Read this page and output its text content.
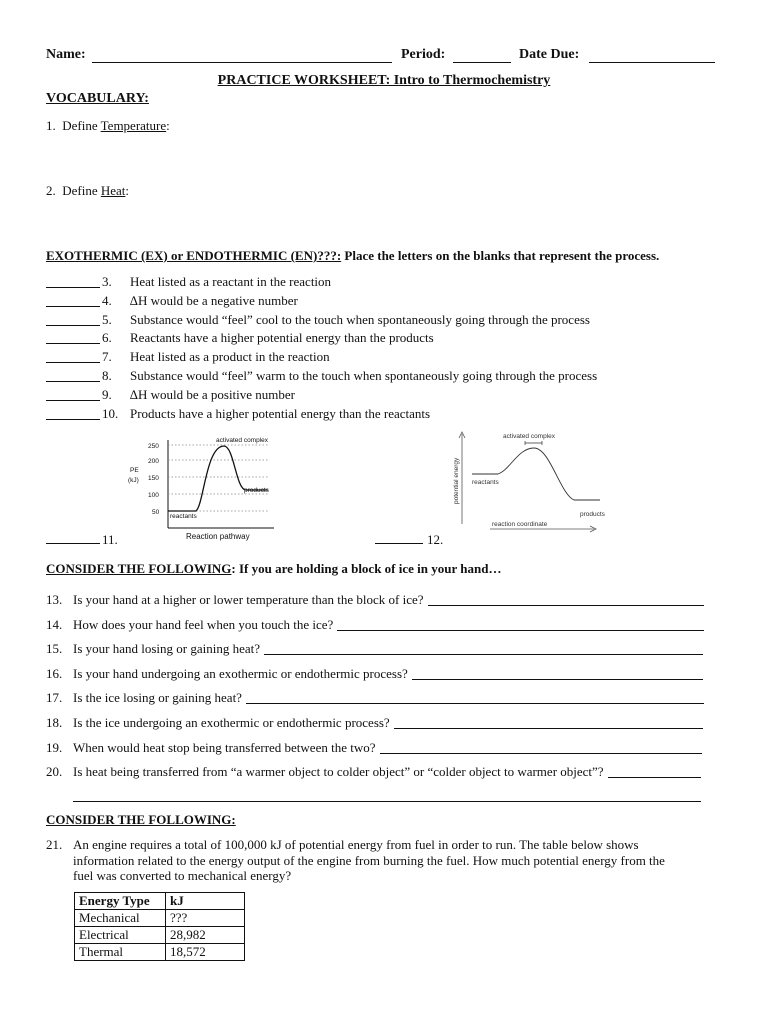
Name:	Period:	Date Due:
PRACTICE WORKSHEET: Intro to Thermochemistry
VOCABULARY:
1. Define Temperature:
2. Define Heat:
EXOTHERMIC (EX) or ENDOTHERMIC (EN)???: Place the letters on the blanks that represent the process.
3. Heat listed as a reactant in the reaction
4. ∆H would be a negative number
5. Substance would “feel” cool to the touch when spontaneously going through the process
6. Reactants have a higher potential energy than the products
7. Heat listed as a product in the reaction
8. Substance would “feel” warm to the touch when spontaneously going through the process
9. ∆H would be a positive number
10. Products have a higher potential energy than the reactants
250
200
150
100
50
PE
(kJ)
activated complex
products
reactants
Reaction pathway
11.
activated complex
reactants
products
reaction coordinate
potential energy
12.
CONSIDER THE FOLLOWING: If you are holding a block of ice in your hand…
13. Is your hand at a higher or lower temperature than the block of ice?
14. How does your hand feel when you touch the ice?
15. Is your hand losing or gaining heat?
16. Is your hand undergoing an exothermic or endothermic process?
17. Is the ice losing or gaining heat?
18. Is the ice undergoing an exothermic or endothermic process?
19. When would heat stop being transferred between the two?
20. Is heat being transferred from “a warmer object to colder object” or “colder object to warmer object”?
CONSIDER THE FOLLOWING:
21. An engine requires a total of 100,000 kJ of potential energy from fuel in order to run. The table below shows
information related to the energy output of the engine from burning the fuel. How much potential energy from the
fuel was converted to mechanical energy?
Energy Type	kJ
Mechanical	???
Electrical	28,982
Thermal	18,572
